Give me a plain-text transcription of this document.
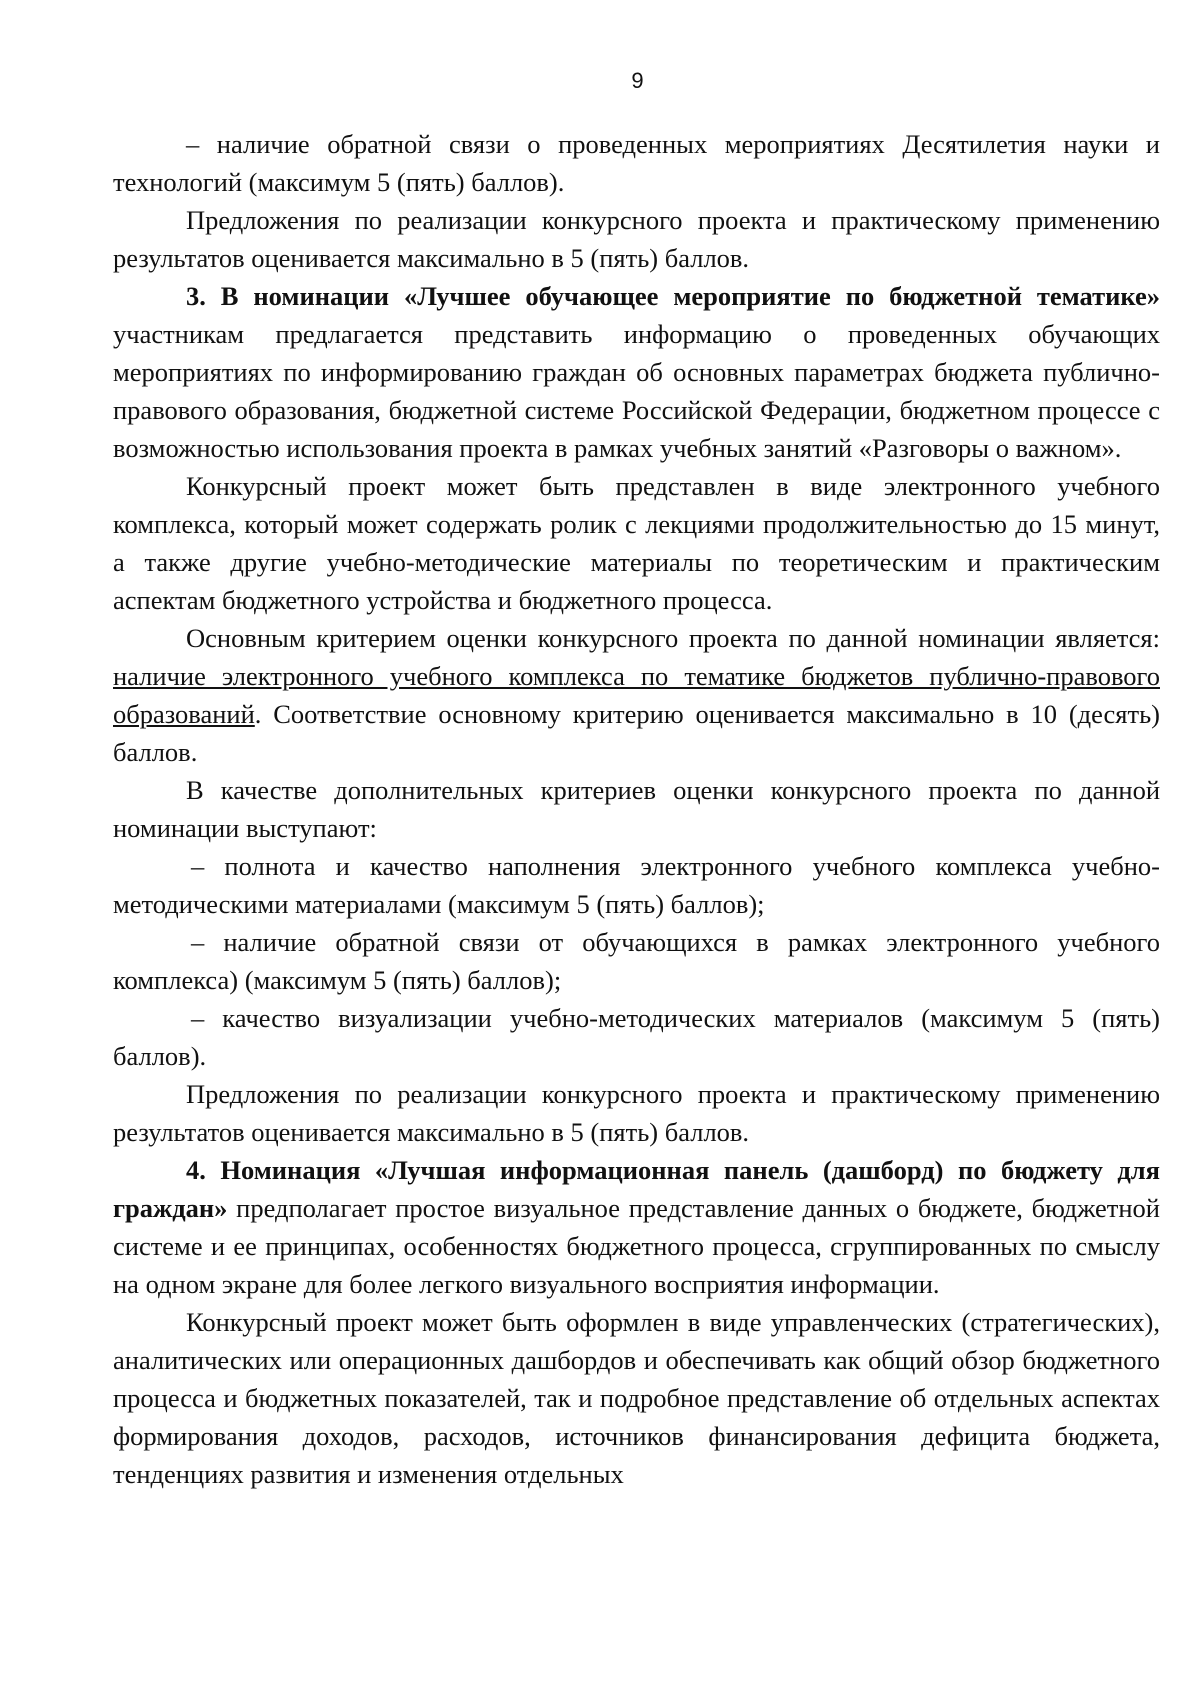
9

– наличие обратной связи о проведенных мероприятиях Десятилетия науки и технологий (максимум 5 (пять) баллов).

Предложения по реализации конкурсного проекта и практическому применению результатов оценивается максимально в 5 (пять) баллов.

3. В номинации «Лучшее обучающее мероприятие по бюджетной тематике» участникам предлагается представить информацию о проведенных обучающих мероприятиях по информированию граждан об основных параметрах бюджета публично-правового образования, бюджетной системе Российской Федерации, бюджетном процессе с возможностью использования проекта в рамках учебных занятий «Разговоры о важном».

Конкурсный проект может быть представлен в виде электронного учебного комплекса, который может содержать ролик с лекциями продолжительностью до 15 минут, а также другие учебно-методические материалы по теоретическим и практическим аспектам бюджетного устройства и бюджетного процесса.

Основным критерием оценки конкурсного проекта по данной номинации является: наличие электронного учебного комплекса по тематике бюджетов публично-правового образований. Соответствие основному критерию оценивается максимально в 10 (десять) баллов.

В качестве дополнительных критериев оценки конкурсного проекта по данной номинации выступают:

– полнота и качество наполнения электронного учебного комплекса учебно-методическими материалами (максимум 5 (пять) баллов);

– наличие обратной связи от обучающихся в рамках электронного учебного комплекса) (максимум 5 (пять) баллов);

– качество визуализации учебно-методических материалов (максимум 5 (пять) баллов).

Предложения по реализации конкурсного проекта и практическому применению результатов оценивается максимально в 5 (пять) баллов.

4. Номинация «Лучшая информационная панель (дашборд) по бюджету для граждан» предполагает простое визуальное представление данных о бюджете, бюджетной системе и ее принципах, особенностях бюджетного процесса, сгруппированных по смыслу на одном экране для более легкого визуального восприятия информации.

Конкурсный проект может быть оформлен в виде управленческих (стратегических), аналитических или операционных дашбордов и обеспечивать как общий обзор бюджетного процесса и бюджетных показателей, так и подробное представление об отдельных аспектах формирования доходов, расходов, источников финансирования дефицита бюджета, тенденциях развития и изменения отдельных
